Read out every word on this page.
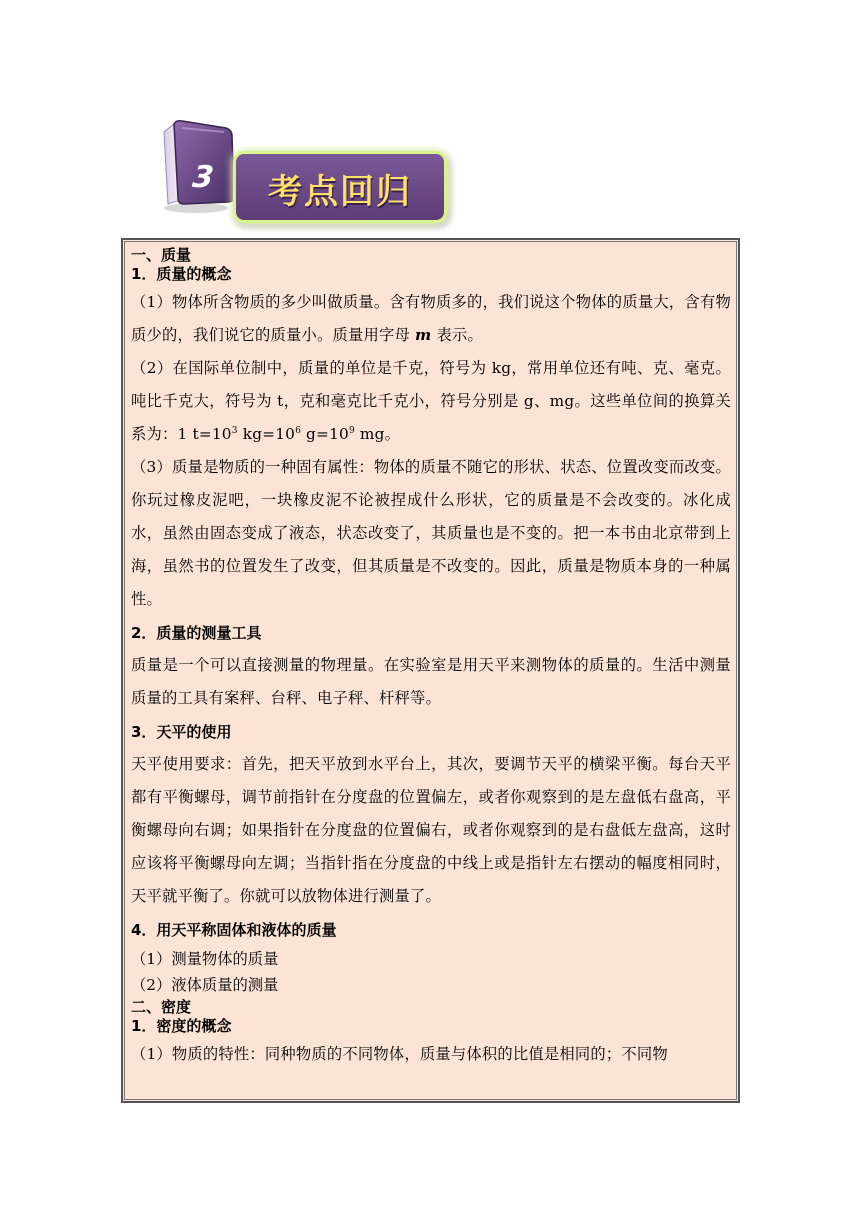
3	考点回归

一、质量

1．质量的概念

（1）物体所含物质的多少叫做质量。含有物质多的，我们说这个物体的质量大，含有物质少的，我们说它的质量小。质量用字母 m 表示。

（2）在国际单位制中，质量的单位是千克，符号为 kg，常用单位还有吨、克、毫克。吨比千克大，符号为 t，克和毫克比千克小，符号分别是 g、mg。这些单位间的换算关系为：1 $t=10^3$ $kg=10^6$ $g=10^9$ mg。

（3）质量是物质的一种固有属性：物体的质量不随它的形状、状态、位置改变而改变。你玩过橡皮泥吧，一块橡皮泥不论被捏成什么形状，它的质量是不会改变的。冰化成水，虽然由固态变成了液态，状态改变了，其质量也是不变的。把一本书由北京带到上海，虽然书的位置发生了改变，但其质量是不改变的。因此，质量是物质本身的一种属性。

2．质量的测量工具

质量是一个可以直接测量的物理量。在实验室是用天平来测物体的质量的。生活中测量质量的工具有案秤、台秤、电子秤、杆秤等。

3．天平的使用

天平使用要求：首先，把天平放到水平台上，其次，要调节天平的横梁平衡。每台天平都有平衡螺母，调节前指针在分度盘的位置偏左，或者你观察到的是左盘低右盘高，平衡螺母向右调；如果指针在分度盘的位置偏右，或者你观察到的是右盘低左盘高，这时应该将平衡螺母向左调；当指针指在分度盘的中线上或是指针左右摆动的幅度相同时，天平就平衡了。你就可以放物体进行测量了。

4．用天平称固体和液体的质量

（1）测量物体的质量

（2）液体质量的测量

二、密度

1．密度的概念

（1）物质的特性：同种物质的不同物体，质量与体积的比值是相同的；不同物
